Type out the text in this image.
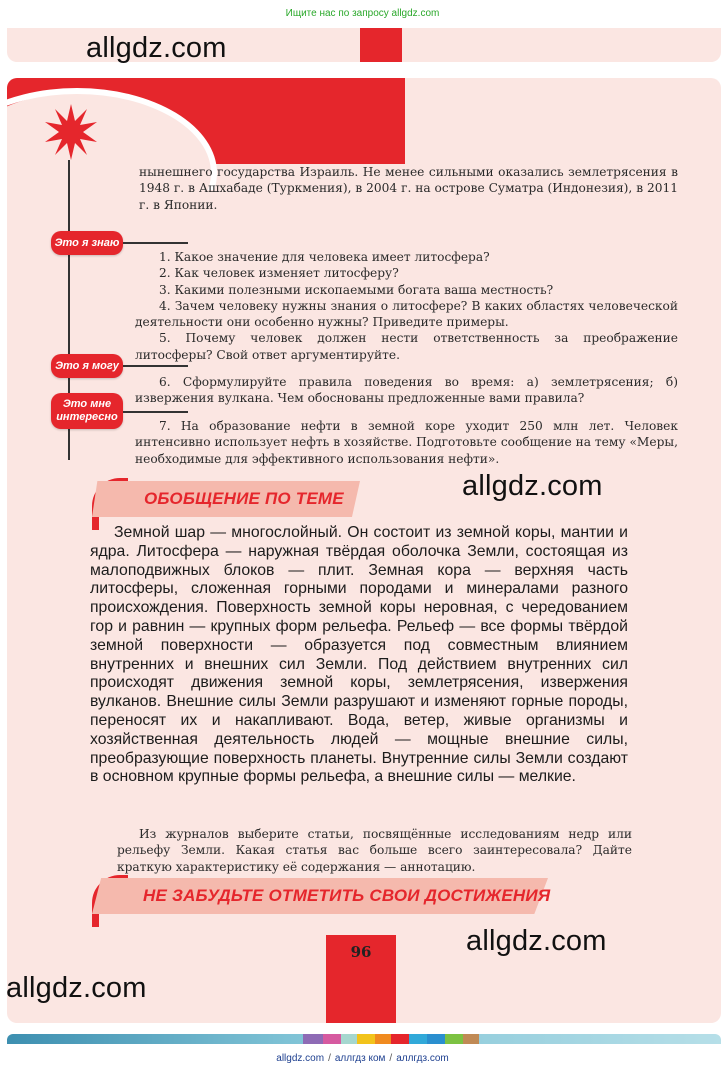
Ищите нас по запросу allgdz.com
allgdz.com
нынешнего государства Израиль. Не менее сильными оказались землетрясения в 1948 г. в Ашхабаде (Туркмения), в 2004 г. на острове Суматра (Индонезия), в 2011 г. в Японии.
Это я знаю

1. Какое значение для человека имеет литосфера?

2. Как человек изменяет литосферу?

3. Какими полезными ископаемыми богата ваша местность?

4. Зачем человеку нужны знания о литосфере? В каких областях человеческой деятельности они особенно нужны? Приведите примеры.

5. Почему человек должен нести ответственность за преображение литосферы? Свой ответ аргументируйте.

Это я могу

6. Сформулируйте правила поведения во время: а) землетрясения; б) извержения вулкана. Чем обоснованы предложенные вами правила?

Это мне
интересно

7. На образование нефти в земной коре уходит 250 млн лет. Человек интенсивно использует нефть в хозяйстве. Подготовьте сообщение на тему «Меры, необходимые для эффективного использования нефти».

ОБОБЩЕНИЕ ПО ТЕМЕ
Земной шар — многослойный. Он состоит из земной коры, мантии и ядра. Литосфера — наружная твёрдая оболочка Земли, состоящая из малоподвижных блоков — плит. Земная кора — верхняя часть литосферы, сложенная горными породами и минералами разного происхождения. Поверхность земной коры неровная, с чередованием гор и равнин — крупных форм рельефа. Рельеф — все формы твёрдой земной поверхности — образуется под совместным влиянием внутренних и внешних сил Земли. Под действием внутренних сил происходят движения земной коры, землетрясения, извержения вулканов. Внешние силы Земли разрушают и изменяют горные породы, переносят их и накапливают. Вода, ветер, живые организмы и хозяйственная деятельность людей — мощные внешние силы, преобразующие поверхность планеты. Внутренние силы Земли создают в основном крупные формы рельефа, а внешние силы — мелкие.
Из журналов выберите статьи, посвящённые исследованиям недр или рельефу Земли. Какая статья вас больше всего заинтересовала? Дайте краткую характеристику её содержания — аннотацию.
НЕ ЗАБУДЬТЕ ОТМЕТИТЬ СВОИ ДОСТИЖЕНИЯ
96
allgdz.com
allgdz.com
allgdz.com
allgdz.com / аллгдз ком / аллгдз.com
